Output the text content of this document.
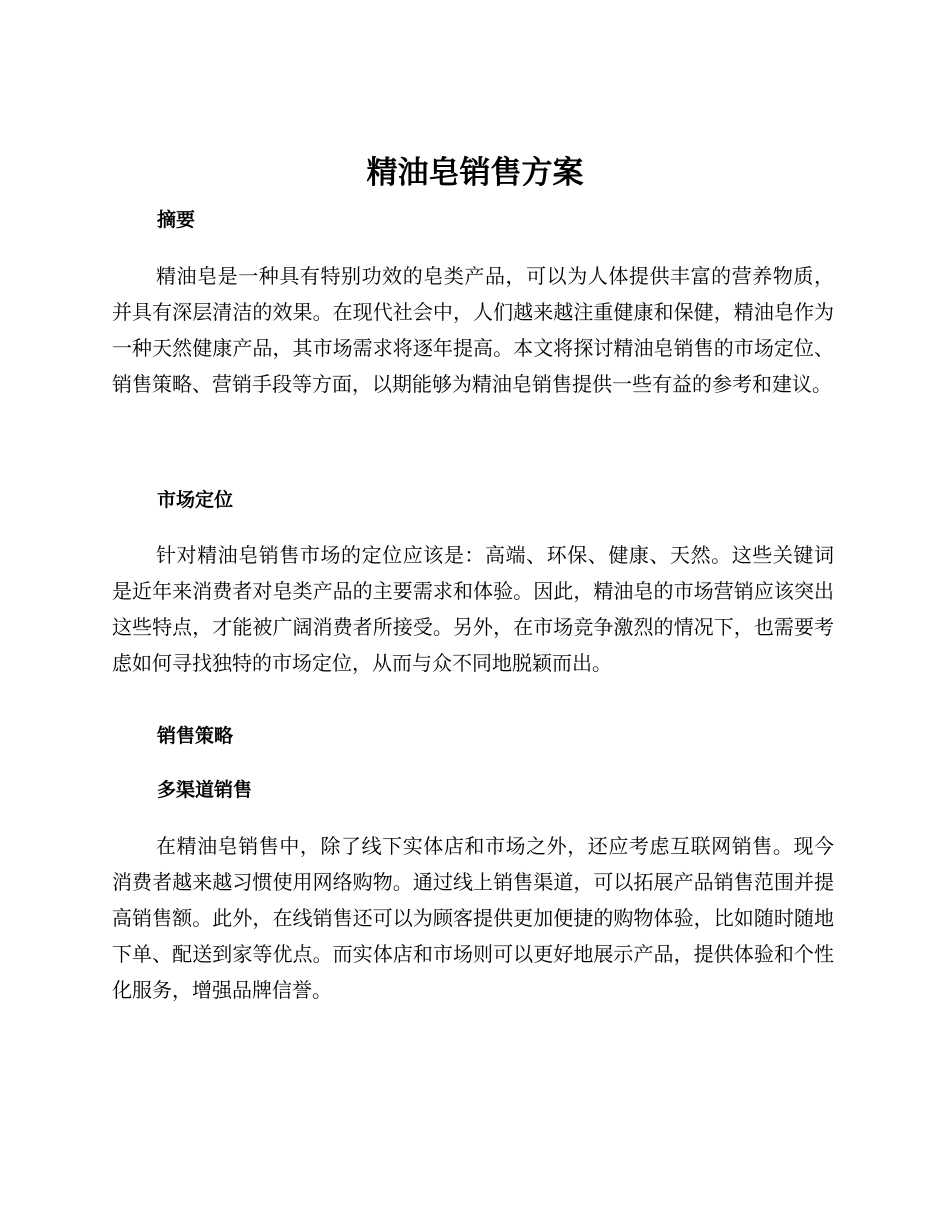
精油皂销售方案
摘要

精油皂是一种具有特别功效的皂类产品，可以为人体提供丰富的营养物质，并具有深层清洁的效果。在现代社会中，人们越来越注重健康和保健，精油皂作为一种天然健康产品，其市场需求将逐年提高。本文将探讨精油皂销售的市场定位、销售策略、营销手段等方面，以期能够为精油皂销售提供一些有益的参考和建议。

市场定位

针对精油皂销售市场的定位应该是：高端、环保、健康、天然。这些关键词是近年来消费者对皂类产品的主要需求和体验。因此，精油皂的市场营销应该突出这些特点，才能被广阔消费者所接受。另外，在市场竞争激烈的情况下，也需要考虑如何寻找独特的市场定位，从而与众不同地脱颖而出。

销售策略
多渠道销售

在精油皂销售中，除了线下实体店和市场之外，还应考虑互联网销售。现今消费者越来越习惯使用网络购物。通过线上销售渠道，可以拓展产品销售范围并提高销售额。此外，在线销售还可以为顾客提供更加便捷的购物体验，比如随时随地下单、配送到家等优点。而实体店和市场则可以更好地展示产品，提供体验和个性化服务，增强品牌信誉。
